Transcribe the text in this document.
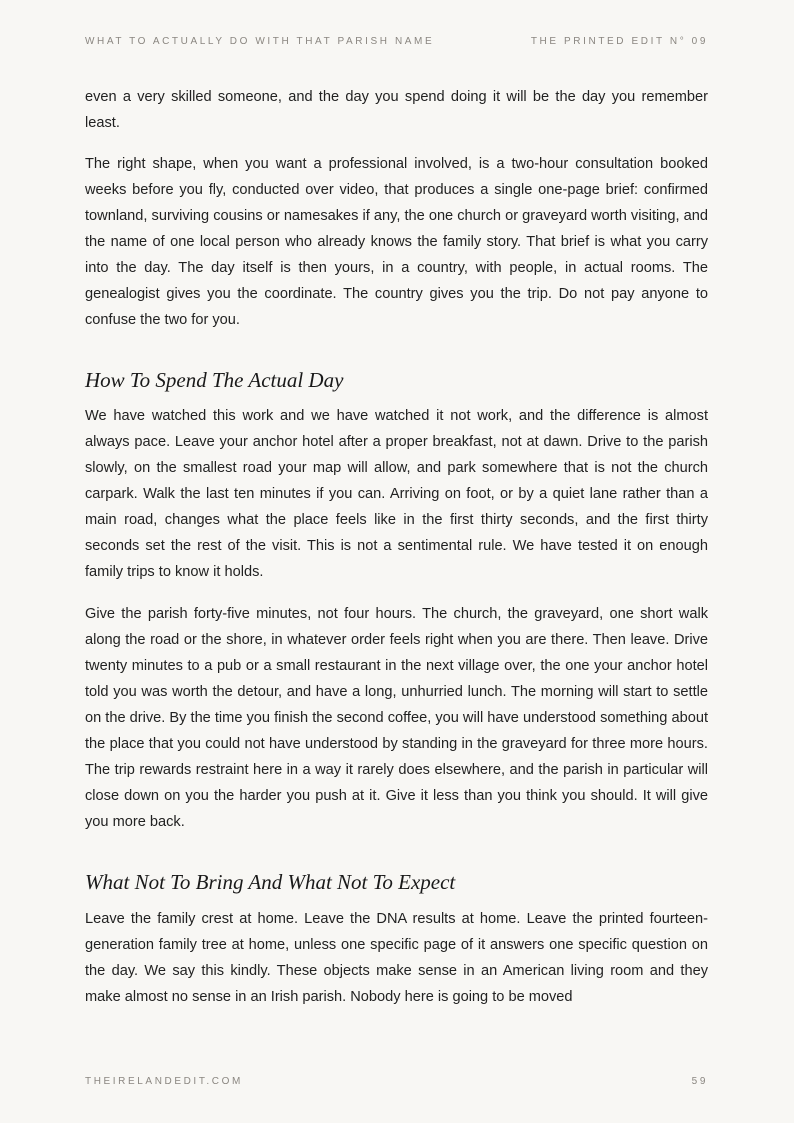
WHAT TO ACTUALLY DO WITH THAT PARISH NAME	THE PRINTED EDIT N° 09

even a very skilled someone, and the day you spend doing it will be the day you remember least.

The right shape, when you want a professional involved, is a two-hour consultation booked weeks before you fly, conducted over video, that produces a single one-page brief: confirmed townland, surviving cousins or namesakes if any, the one church or graveyard worth visiting, and the name of one local person who already knows the family story. That brief is what you carry into the day. The day itself is then yours, in a country, with people, in actual rooms. The genealogist gives you the coordinate. The country gives you the trip. Do not pay anyone to confuse the two for you.

How To Spend The Actual Day

We have watched this work and we have watched it not work, and the difference is almost always pace. Leave your anchor hotel after a proper breakfast, not at dawn. Drive to the parish slowly, on the smallest road your map will allow, and park somewhere that is not the church carpark. Walk the last ten minutes if you can. Arriving on foot, or by a quiet lane rather than a main road, changes what the place feels like in the first thirty seconds, and the first thirty seconds set the rest of the visit. This is not a sentimental rule. We have tested it on enough family trips to know it holds.

Give the parish forty-five minutes, not four hours. The church, the graveyard, one short walk along the road or the shore, in whatever order feels right when you are there. Then leave. Drive twenty minutes to a pub or a small restaurant in the next village over, the one your anchor hotel told you was worth the detour, and have a long, unhurried lunch. The morning will start to settle on the drive. By the time you finish the second coffee, you will have understood something about the place that you could not have understood by standing in the graveyard for three more hours. The trip rewards restraint here in a way it rarely does elsewhere, and the parish in particular will close down on you the harder you push at it. Give it less than you think you should. It will give you more back.

What Not To Bring And What Not To Expect

Leave the family crest at home. Leave the DNA results at home. Leave the printed fourteen-generation family tree at home, unless one specific page of it answers one specific question on the day. We say this kindly. These objects make sense in an American living room and they make almost no sense in an Irish parish. Nobody here is going to be moved

THEIRELANDEDIT.COM	59
